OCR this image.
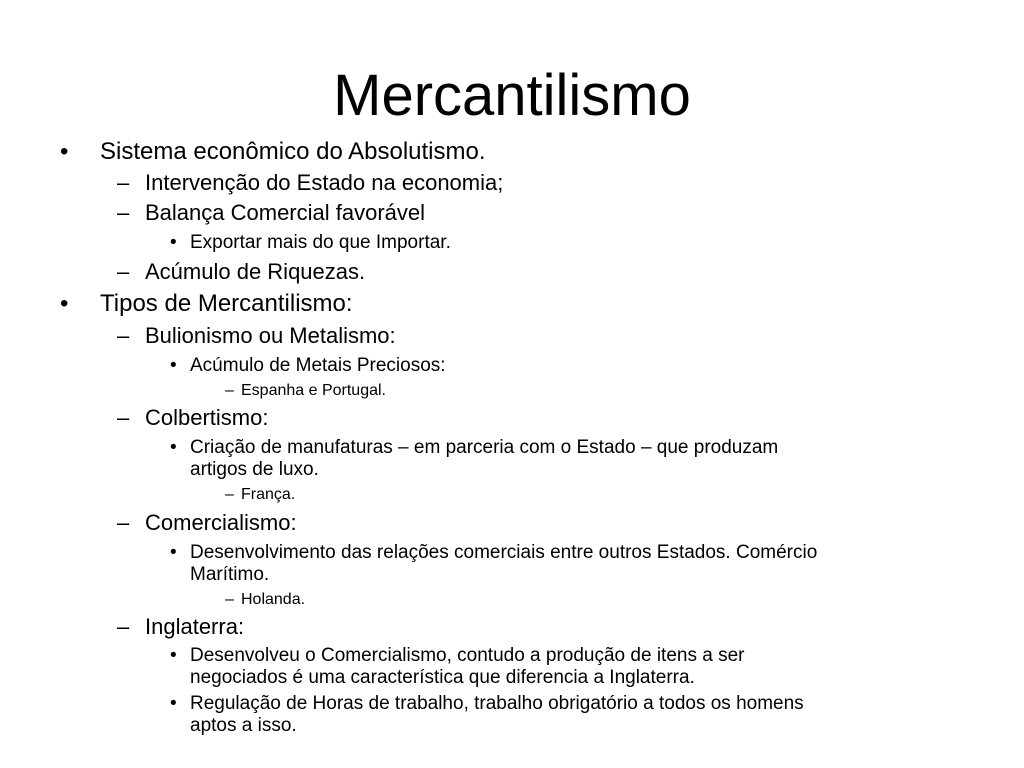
Mercantilismo
• Sistema econômico do Absolutismo.
– Intervenção do Estado na economia;
– Balança Comercial favorável
• Exportar mais do que Importar.
– Acúmulo de Riquezas.
• Tipos de Mercantilismo:
– Bulionismo ou Metalismo:
• Acúmulo de Metais Preciosos:
– Espanha e Portugal.
– Colbertismo:
• Criação de manufaturas – em parceria com o Estado – que produzam
artigos de luxo.
– França.
– Comercialismo:
• Desenvolvimento das relações comerciais entre outros Estados. Comércio
Marítimo.
– Holanda.
– Inglaterra:
• Desenvolveu o Comercialismo, contudo a produção de itens a ser
negociados é uma característica que diferencia a Inglaterra.
• Regulação de Horas de trabalho, trabalho obrigatório a todos os homens
aptos a isso.
